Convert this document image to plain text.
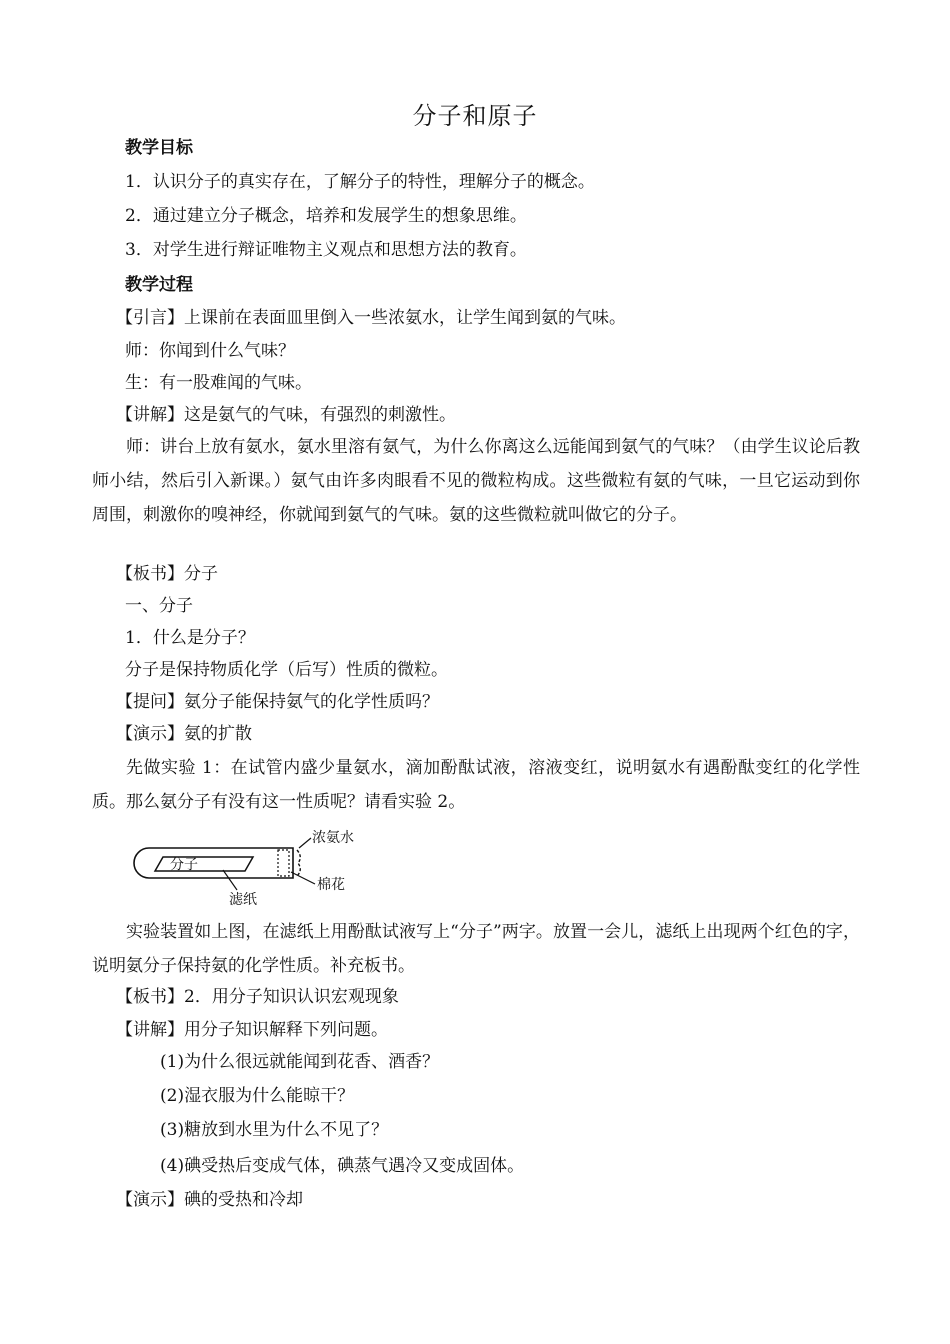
分子和原子
教学目标
1．认识分子的真实存在，了解分子的特性，理解分子的概念。
2．通过建立分子概念，培养和发展学生的想象思维。
3．对学生进行辩证唯物主义观点和思想方法的教育。
教学过程
【引言】上课前在表面皿里倒入一些浓氨水，让学生闻到氨的气味。
师：你闻到什么气味？
生：有一股难闻的气味。
【讲解】这是氨气的气味，有强烈的刺激性。
师：讲台上放有氨水，氨水里溶有氨气，为什么你离这么远能闻到氨气的气味？（由学生议论后教师小结，然后引入新课。）氨气由许多肉眼看不见的微粒构成。这些微粒有氨的气味，一旦它运动到你周围，刺激你的嗅神经，你就闻到氨气的气味。氨的这些微粒就叫做它的分子。
【板书】分子
一、分子
1．什么是分子？
分子是保持物质化学（后写）性质的微粒。
【提问】氨分子能保持氨气的化学性质吗？
【演示】氨的扩散
先做实验 1：在试管内盛少量氨水，滴加酚酞试液，溶液变红，说明氨水有遇酚酞变红的化学性质。那么氨分子有没有这一性质呢？请看实验 2。
分子
浓氨水
棉花
滤纸
实验装置如上图，在滤纸上用酚酞试液写上“分子”两字。放置一会儿，滤纸上出现两个红色的字，说明氨分子保持氨的化学性质。补充板书。
【板书】2．用分子知识认识宏观现象
【讲解】用分子知识解释下列问题。
(1)为什么很远就能闻到花香、酒香？
(2)湿衣服为什么能晾干？
(3)糖放到水里为什么不见了？
(4)碘受热后变成气体，碘蒸气遇冷又变成固体。
【演示】碘的受热和冷却
